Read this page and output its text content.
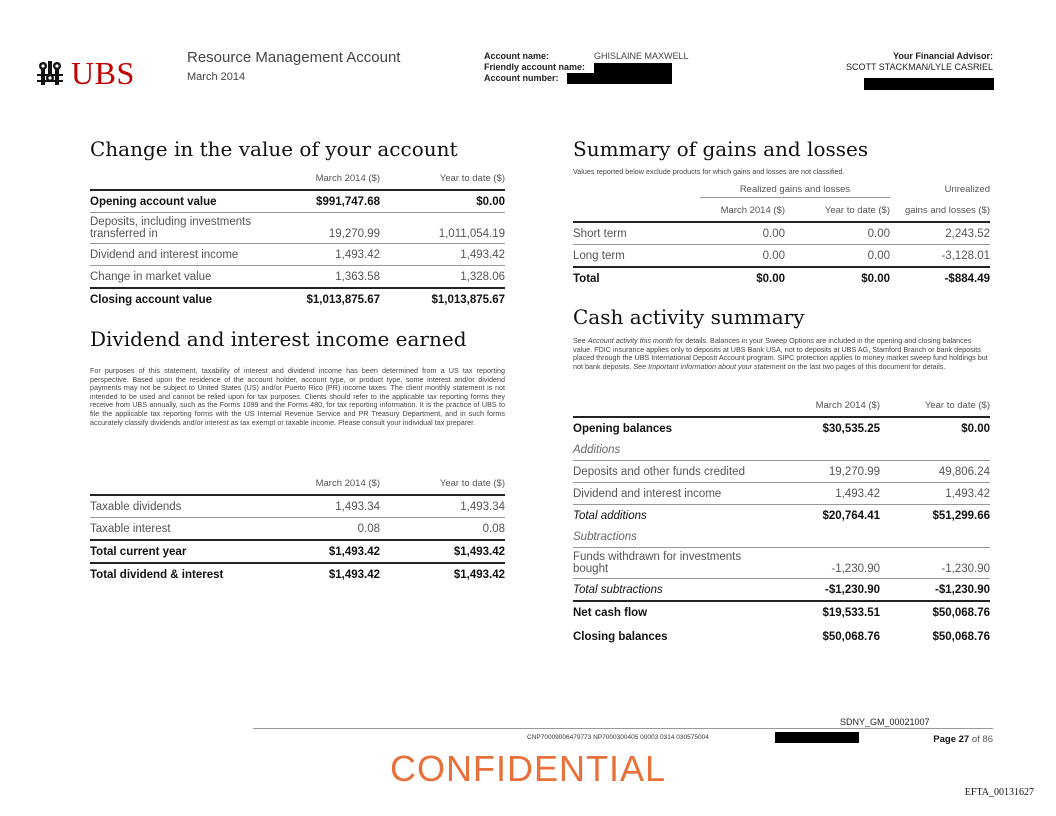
UBS	Resource Management Account
March 2014
Account name:
Friendly account name:
Account number:
GHISLAINE MAXWELL	Your Financial Advisor:
SCOTT STACKMAN/LYLE CASRIEL
Change in the value of your account
	March 2014 ($)	Year to date ($)
Opening account value	$991,747.68	$0.00
Deposits, including investments
transferred in	19,270.99	1,011,054.19
Dividend and interest income	1,493.42	1,493.42
Change in market value	1,363.58	1,328.06
Closing account value	$1,013,875.67	$1,013,875.67
Dividend and interest income earned
For purposes of this statement, taxability of interest and dividend income has been determined from a US tax reporting perspective. Based upon the residence of the account holder, account type, or product type, some interest and/or dividend payments may not be subject to United States (US) and/or Puerto Rico (PR) income taxes. The client monthly statement is not intended to be used and cannot be relied upon for tax purposes. Clients should refer to the applicable tax reporting forms they receive from UBS annually, such as the Forms 1099 and the Forms 480, for tax reporting information. It is the practice of UBS to file the applicable tax reporting forms with the US Internal Revenue Service and PR Treasury Department, and in such forms accurately classify dividends and/or interest as tax exempt or taxable income. Please consult your individual tax preparer.
	March 2014 ($)	Year to date ($)
Taxable dividends	1,493.34	1,493.34
Taxable interest	0.08	0.08
Total current year	$1,493.42	$1,493.42
Total dividend & interest	$1,493.42	$1,493.42
Summary of gains and losses
Values reported below exclude products for which gains and losses are not classified.
Realized gains and losses	Unrealized
	March 2014 ($)	Year to date ($)	gains and losses ($)
Short term	0.00	0.00	2,243.52
Long term	0.00	0.00	-3,128.01
Total	$0.00	$0.00	-$884.49
Cash activity summary
See Account activity this month for details. Balances in your Sweep Options are included in the opening and closing balances value. FDIC insurance applies only to deposits at UBS Bank USA, not to deposits at UBS AG, Stamford Branch or bank deposits placed through the UBS International Deposit Account program. SIPC protection applies to money market sweep fund holdings but not bank deposits. See Important information about your statement on the last two pages of this document for details.
	March 2014 ($)	Year to date ($)
Opening balances	$30,535.25	$0.00
Additions		
Deposits and other funds credited	19,270.99	49,806.24
Dividend and interest income	1,493.42	1,493.42
Total additions	$20,764.41	$51,299.66
Subtractions		
Funds withdrawn for investments
bought	-1,230.90	-1,230.90
Total subtractions	-$1,230.90	-$1,230.90
Net cash flow	$19,533.51	$50,068.76
Closing balances	$50,068.76	$50,068.76
SDNY_GM_00021007
CNP70009006479773 NP7000300405 00003 0314 030575004	Page 27 of 86
CONFIDENTIAL
EFTA_00131627
